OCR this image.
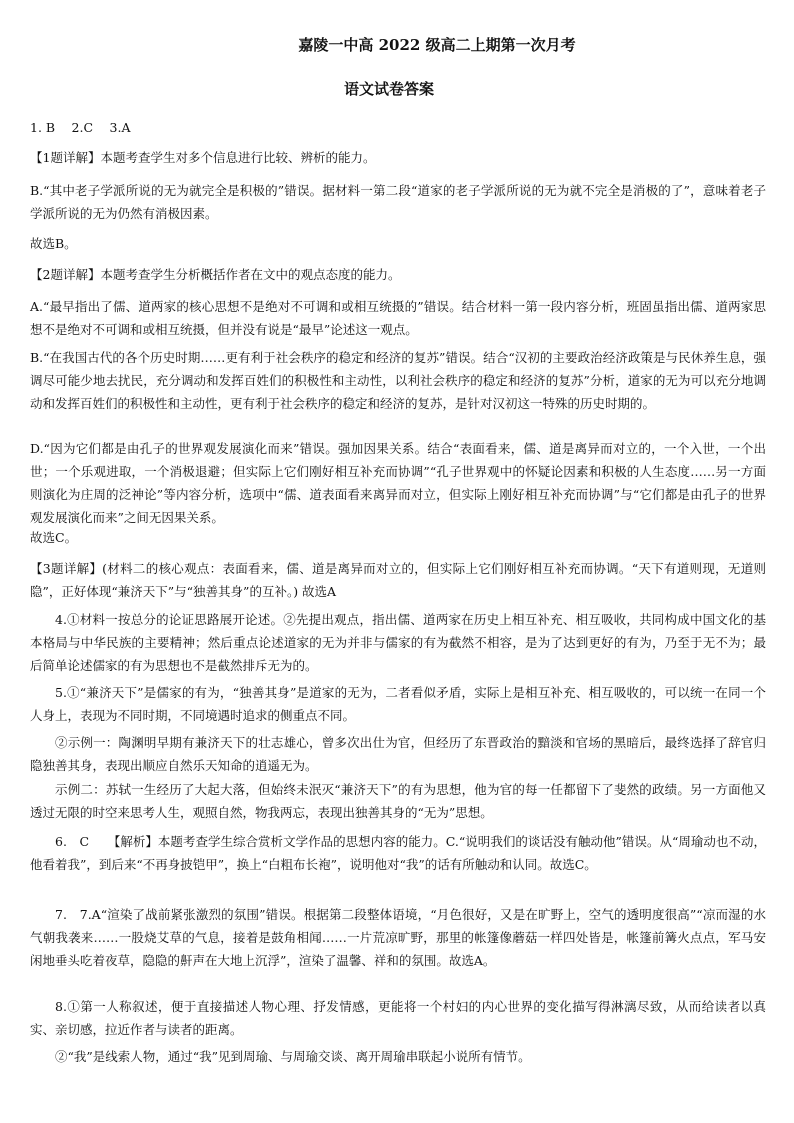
嘉陵一中高 2022 级高二上期第一次月考
语文试卷答案
1. B　 2.C　 3.A
【1题详解】本题考查学生对多个信息进行比较、辨析的能力。
B.“其中老子学派所说的无为就完全是积极的”错误。据材料一第二段“道家的老子学派所说的无为就不完全是消极的了”，意味着老子学派所说的无为仍然有消极因素。
故选B。
【2题详解】本题考查学生分析概括作者在文中的观点态度的能力。
A.“最早指出了儒、道两家的核心思想不是绝对不可调和或相互统摄的”错误。结合材料一第一段内容分析，班固虽指出儒、道两家思想不是绝对不可调和或相互统摄，但并没有说是“最早”论述这一观点。
B.“在我国古代的各个历史时期……更有利于社会秩序的稳定和经济的复苏”错误。结合“汉初的主要政治经济政策是与民休养生息，强调尽可能少地去扰民，充分调动和发挥百姓们的积极性和主动性，以利社会秩序的稳定和经济的复苏”分析，道家的无为可以充分地调动和发挥百姓们的积极性和主动性，更有利于社会秩序的稳定和经济的复苏，是针对汉初这一特殊的历史时期的。
D.“因为它们都是由孔子的世界观发展演化而来”错误。强加因果关系。结合“表面看来，儒、道是离异而对立的，一个入世，一个出世；一个乐观进取，一个消极退避；但实际上它们刚好相互补充而协调”“孔子世界观中的怀疑论因素和积极的人生态度……另一方面则演化为庄周的泛神论”等内容分析，选项中“儒、道表面看来离异而对立，但实际上刚好相互补充而协调”与“它们都是由孔子的世界观发展演化而来”之间无因果关系。
故选C。
【3题详解】(材料二的核心观点：表面看来，儒、道是离异而对立的，但实际上它们刚好相互补充而协调。“天下有道则现，无道则隐”，正好体现“兼济天下”与“独善其身”的互补。) 故选A
4.①材料一按总分的论证思路展开论述。②先提出观点，指出儒、道两家在历史上相互补充、相互吸收，共同构成中国文化的基本格局与中华民族的主要精神；然后重点论述道家的无为并非与儒家的有为截然不相容，是为了达到更好的有为，乃至于无不为；最后简单论述儒家的有为思想也不是截然排斥无为的。
5.①“兼济天下”是儒家的有为，“独善其身”是道家的无为，二者看似矛盾，实际上是相互补充、相互吸收的，可以统一在同一个人身上，表现为不同时期，不同境遇时追求的侧重点不同。
②示例一：陶渊明早期有兼济天下的壮志雄心，曾多次出仕为官，但经历了东晋政治的黯淡和官场的黑暗后，最终选择了辞官归隐独善其身，表现出顺应自然乐天知命的逍遥无为。
示例二：苏轼一生经历了大起大落，但始终未泯灭“兼济天下”的有为思想，他为官的每一任都留下了斐然的政绩。另一方面他又透过无限的时空来思考人生，观照自然，物我两忘，表现出独善其身的“无为”思想。
6.　C　　【解析】本题考查学生综合赏析文学作品的思想内容的能力。C.“说明我们的谈话没有触动他”错误。从“周瑜动也不动，他看着我”，到后来“不再身披铠甲”，换上“白粗布长袍”，说明他对“我”的话有所触动和认同。故选C。
7.　7.A“渲染了战前紧张激烈的氛围”错误。根据第二段整体语境，“月色很好，又是在旷野上，空气的透明度很高”“凉而湿的水气朝我袭来……一股烧艾草的气息，接着是鼓角相闻……一片荒凉旷野，那里的帐篷像蘑菇一样四处皆是，帐篷前篝火点点，军马安闲地垂头吃着夜草，隐隐的鼾声在大地上沉浮”，渲染了温馨、祥和的氛围。故选A。
8.①第一人称叙述，便于直接描述人物心理、抒发情感，更能将一个村妇的内心世界的变化描写得淋漓尽致，从而给读者以真实、亲切感，拉近作者与读者的距离。
②“我”是线索人物，通过“我”见到周瑜、与周瑜交谈、离开周瑜串联起小说所有情节。
